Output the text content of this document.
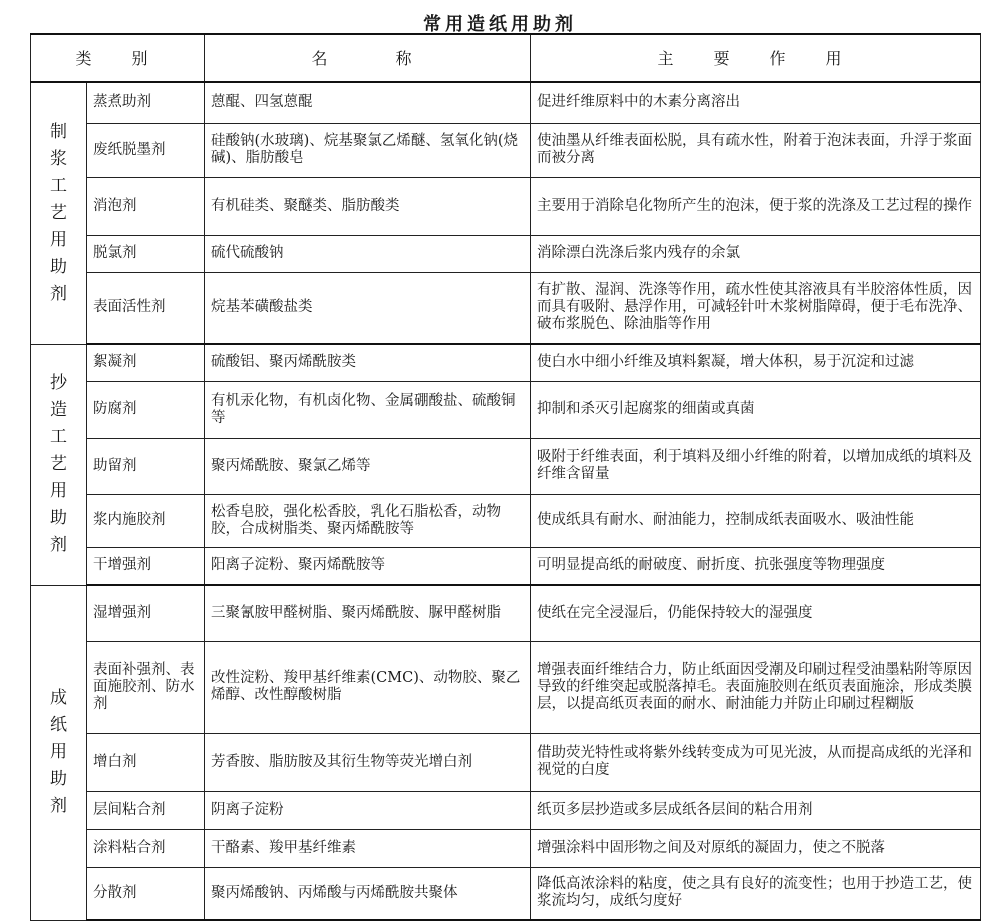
常用造纸用助剂
类　别		名　　称	主　要　作　用
制浆工艺用助剂	蒸煮助剂	蒽醌、四氢蒽醌	促进纤维原料中的木素分离溶出
	废纸脱墨剂	硅酸钠(水玻璃)、烷基聚氯乙烯醚、氢氧化钠(烧碱)、脂肪酸皂	使油墨从纤维表面松脱，具有疏水性，附着于泡沫表面，升浮于浆面而被分离
	消泡剂	有机硅类、聚醚类、脂肪酸类	主要用于消除皂化物所产生的泡沫，便于浆的洗涤及工艺过程的操作
	脱氯剂	硫代硫酸钠	消除漂白洗涤后浆内残存的余氯
	表面活性剂	烷基苯磺酸盐类	有扩散、湿润、洗涤等作用，疏水性使其溶液具有半胶溶体性质，因而具有吸附、悬浮作用，可减轻针叶木浆树脂障碍，便于毛布洗净、破布浆脱色、除油脂等作用
抄造工艺用助剂	絮凝剂	硫酸铝、聚丙烯酰胺类	使白水中细小纤维及填料絮凝，增大体积，易于沉淀和过滤
	防腐剂	有机汞化物，有机卤化物、金属硼酸盐、硫酸铜等	抑制和杀灭引起腐浆的细菌或真菌
	助留剂	聚丙烯酰胺、聚氯乙烯等	吸附于纤维表面，利于填料及细小纤维的附着，以增加成纸的填料及纤维含留量
	浆内施胶剂	松香皂胶，强化松香胶，乳化石脂松香，动物胶，合成树脂类、聚丙烯酰胺等	使成纸具有耐水、耐油能力，控制成纸表面吸水、吸油性能
	干增强剂	阳离子淀粉、聚丙烯酰胺等	可明显提高纸的耐破度、耐折度、抗张强度等物理强度
成纸用助剂	湿增强剂	三聚氰胺甲醛树脂、聚丙烯酰胺、脲甲醛树脂	使纸在完全浸湿后，仍能保持较大的湿强度
	表面补强剂、表面施胶剂、防水剂	改性淀粉、羧甲基纤维素(CMC)、动物胶、聚乙烯醇、改性醇酸树脂	增强表面纤维结合力，防止纸面因受潮及印刷过程受油墨粘附等原因导致的纤维突起或脱落掉毛。表面施胶则在纸页表面施涂，形成类膜层，以提高纸页表面的耐水、耐油能力并防止印刷过程糊版
	增白剂	芳香胺、脂肪胺及其衍生物等荧光增白剂	借助荧光特性或将紫外线转变成为可见光波，从而提高成纸的光泽和视觉的白度
	层间粘合剂	阴离子淀粉	纸页多层抄造或多层成纸各层间的粘合用剂
	涂料粘合剂	干酪素、羧甲基纤维素	增强涂料中固形物之间及对原纸的凝固力，使之不脱落
	分散剂	聚丙烯酸钠、丙烯酸与丙烯酰胺共聚体	降低高浓涂料的粘度，使之具有良好的流变性；也用于抄造工艺，使浆流均匀，成纸匀度好
